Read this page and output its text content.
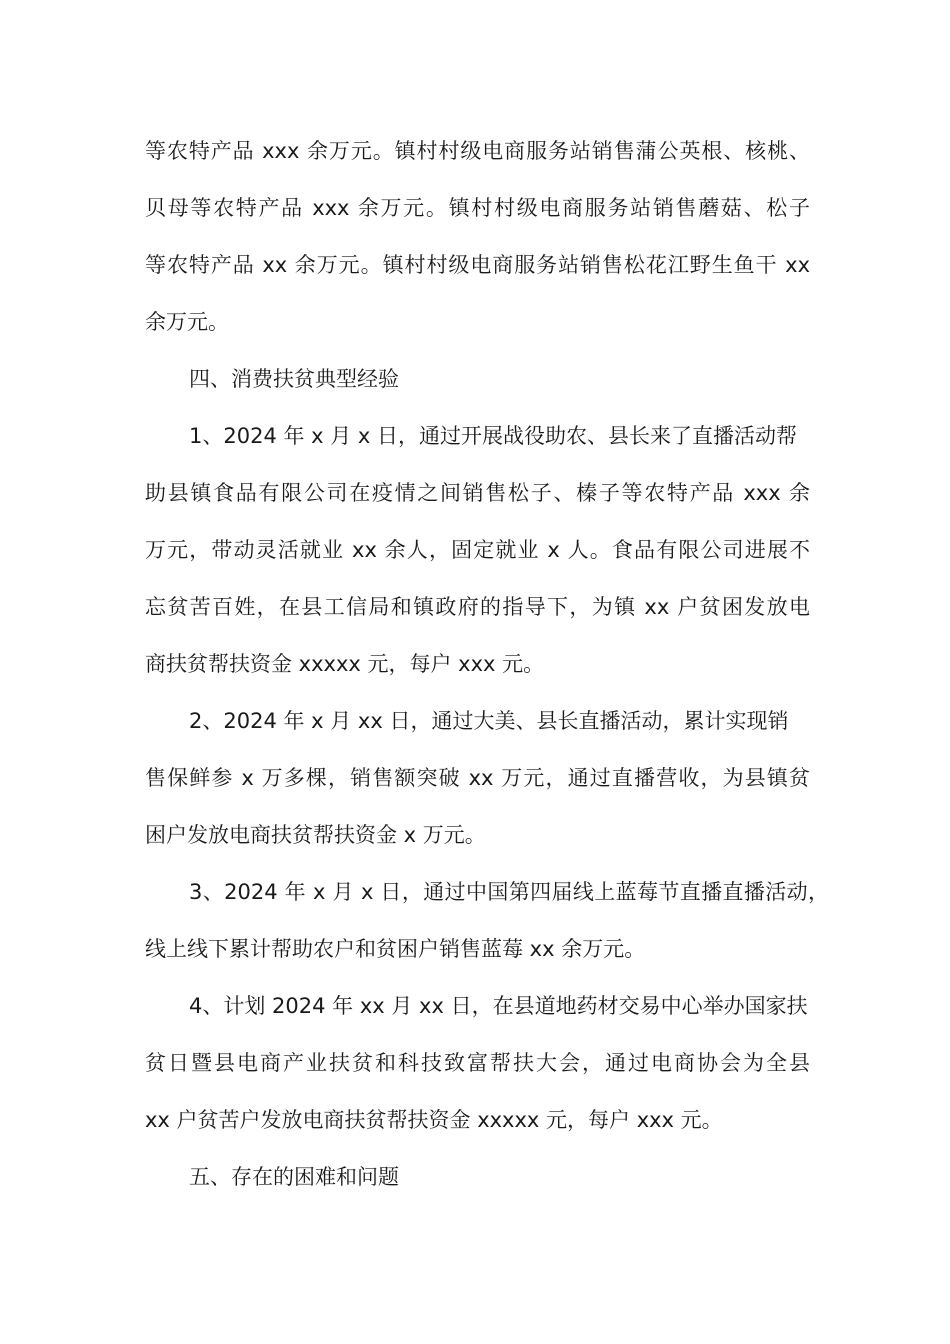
等农特产品 xxx 余万元。镇村村级电商服务站销售蒲公英根、核桃、
贝母等农特产品 xxx 余万元。镇村村级电商服务站销售蘑菇、松子
等农特产品 xx 余万元。镇村村级电商服务站销售松花江野生鱼干 xx
余万元。
四、消费扶贫典型经验
1、2024 年 x 月 x 日，通过开展战役助农、县长来了直播活动帮
助县镇食品有限公司在疫情之间销售松子、榛子等农特产品 xxx 余
万元，带动灵活就业 xx 余人，固定就业 x 人。食品有限公司进展不
忘贫苦百姓，在县工信局和镇政府的指导下，为镇 xx 户贫困发放电
商扶贫帮扶资金 xxxxx 元，每户 xxx 元。
2、2024 年 x 月 xx 日，通过大美、县长直播活动，累计实现销
售保鲜参 x 万多棵，销售额突破 xx 万元，通过直播营收，为县镇贫
困户发放电商扶贫帮扶资金 x 万元。
3、2024 年 x 月 x 日，通过中国第四届线上蓝莓节直播直播活动，
线上线下累计帮助农户和贫困户销售蓝莓 xx 余万元。
4、计划 2024 年 xx 月 xx 日，在县道地药材交易中心举办国家扶
贫日暨县电商产业扶贫和科技致富帮扶大会，通过电商协会为全县
xx 户贫苦户发放电商扶贫帮扶资金 xxxxx 元，每户 xxx 元。
五、存在的困难和问题
